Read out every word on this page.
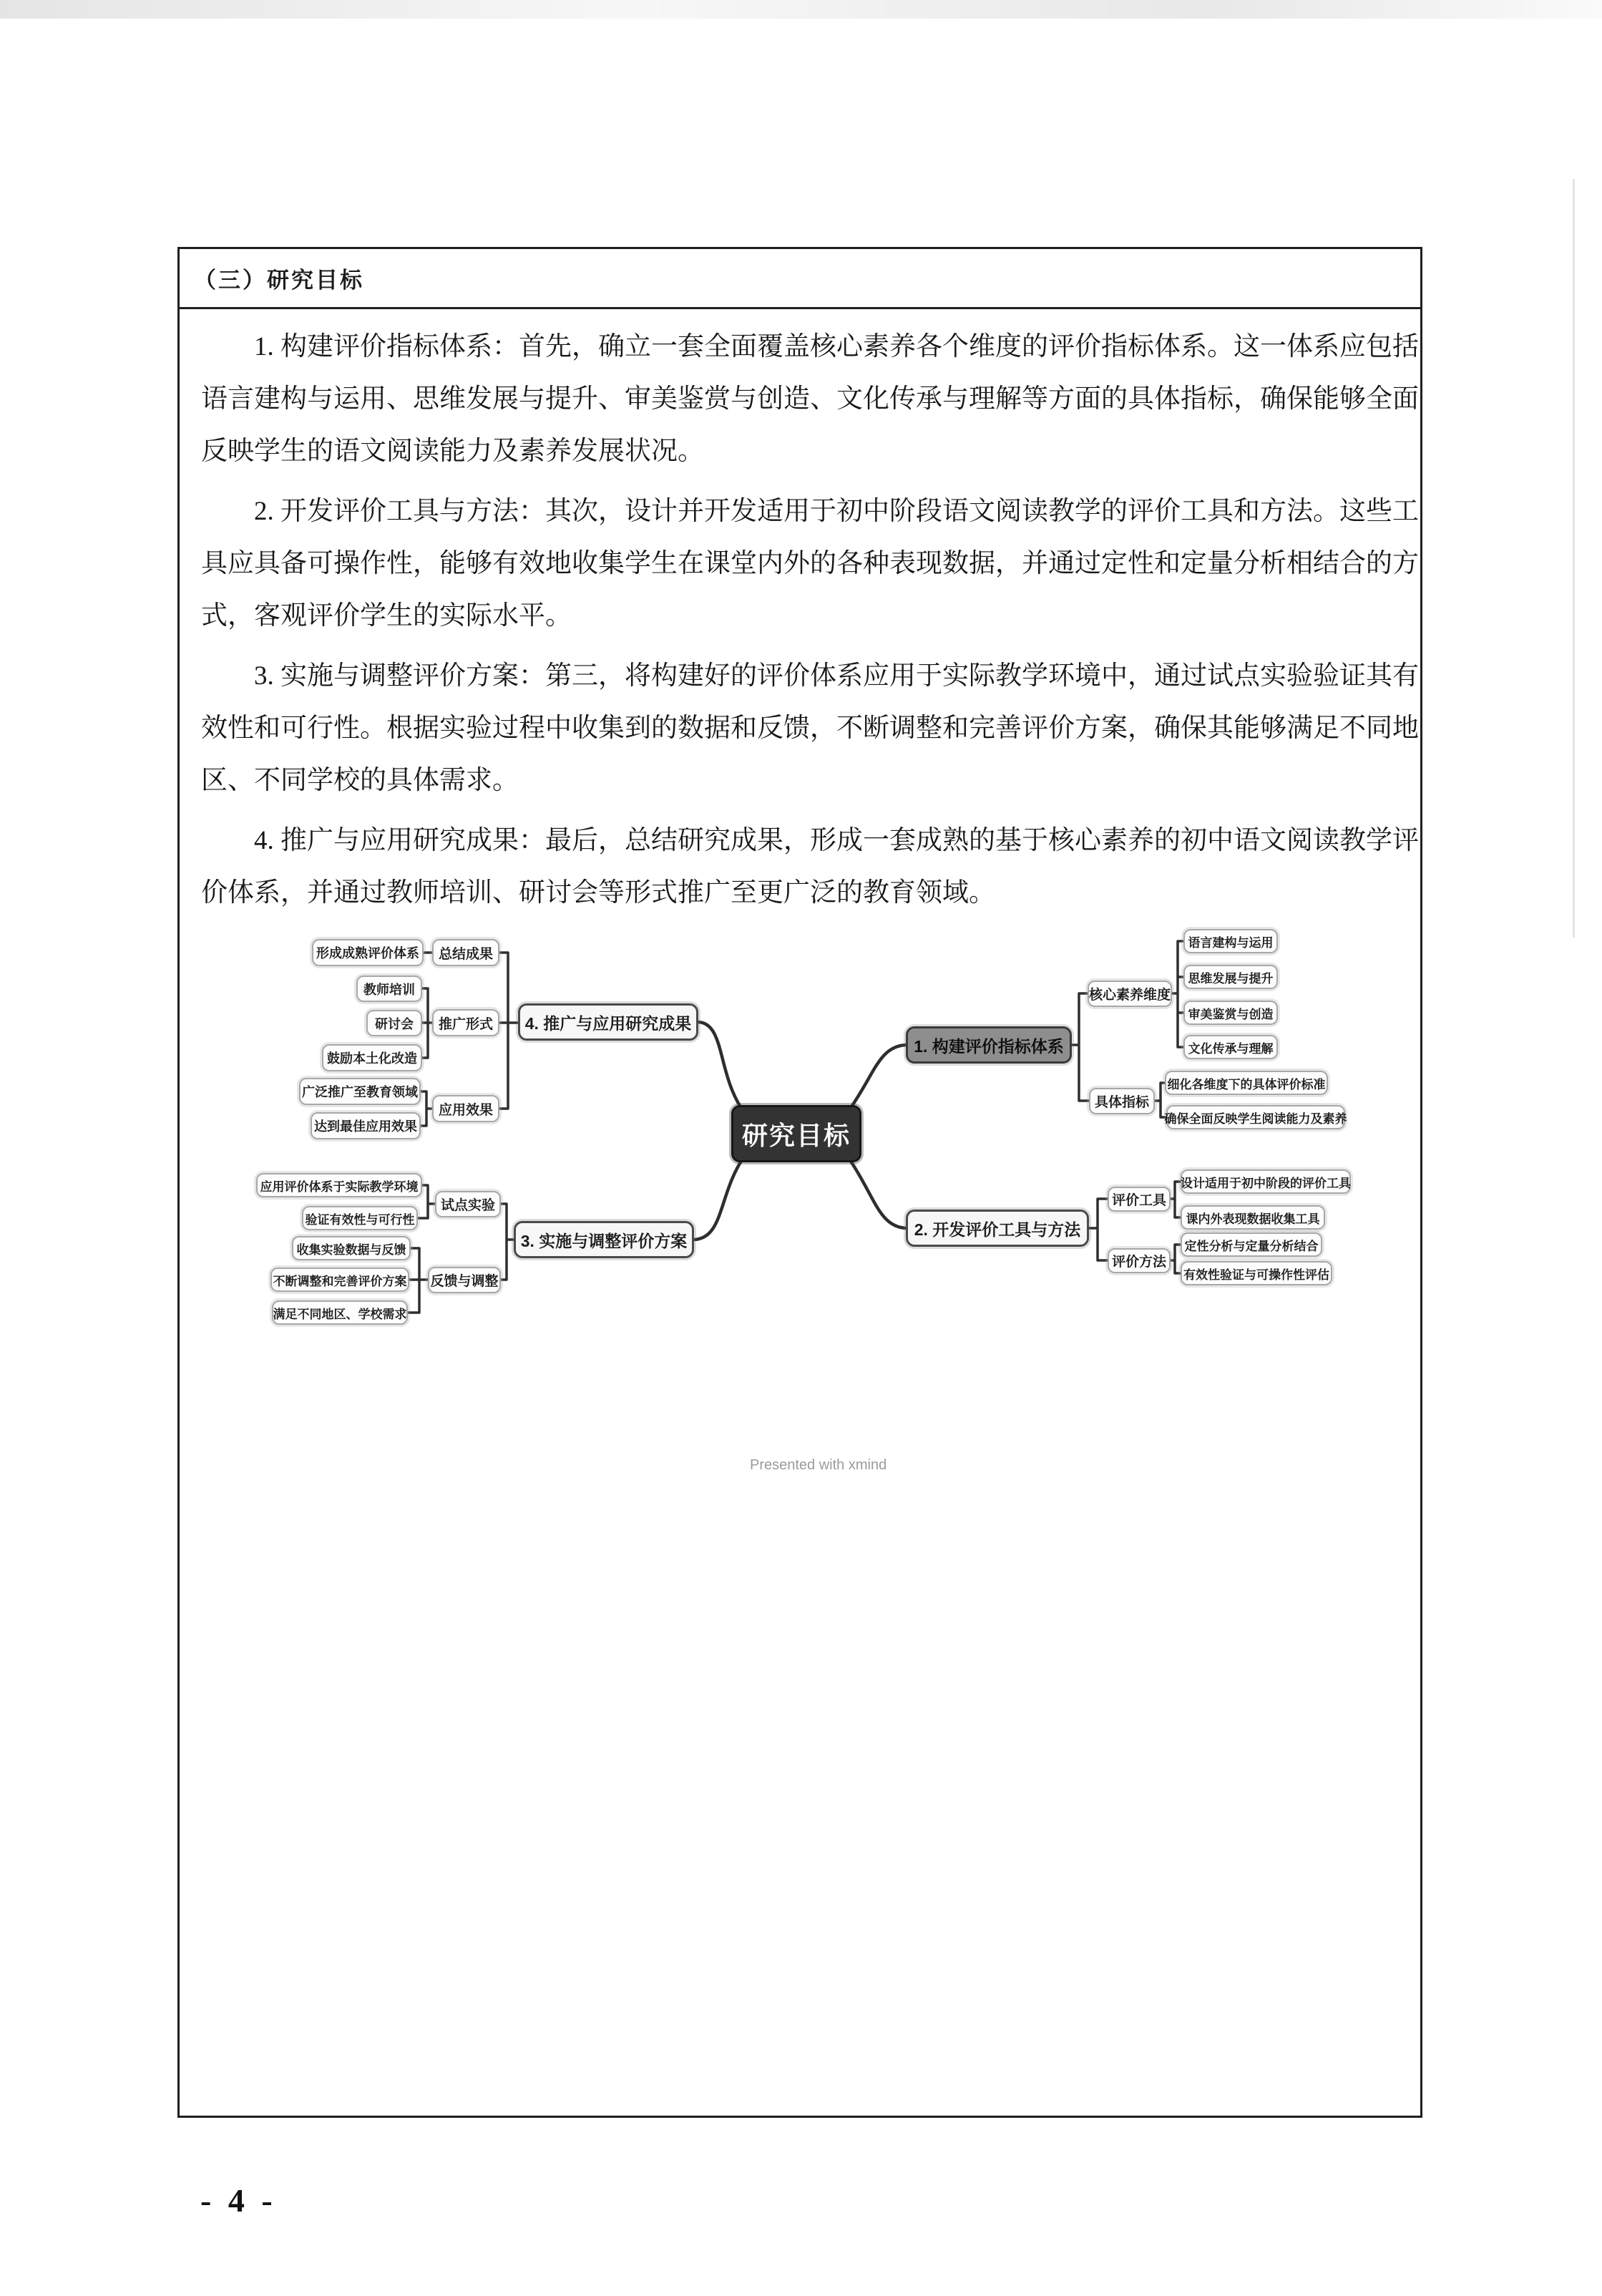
（三）研究目标

1. 构建评价指标体系：首先，确立一套全面覆盖核心素养各个维度的评价指标体系。这一体系应包括语言建构与运用、思维发展与提升、审美鉴赏与创造、文化传承与理解等方面的具体指标，确保能够全面反映学生的语文阅读能力及素养发展状况。

2. 开发评价工具与方法：其次，设计并开发适用于初中阶段语文阅读教学的评价工具和方法。这些工具应具备可操作性，能够有效地收集学生在课堂内外的各种表现数据，并通过定性和定量分析相结合的方式，客观评价学生的实际水平。

3. 实施与调整评价方案：第三，将构建好的评价体系应用于实际教学环境中，通过试点实验验证其有效性和可行性。根据实验过程中收集到的数据和反馈，不断调整和完善评价方案，确保其能够满足不同地区、不同学校的具体需求。

4. 推广与应用研究成果：最后，总结研究成果，形成一套成熟的基于核心素养的初中语文阅读教学评价体系，并通过教师培训、研讨会等形式推广至更广泛的教育领域。

研究目标
1. 构建评价指标体系
核心素养维度
语言建构与运用
思维发展与提升
审美鉴赏与创造
文化传承与理解
具体指标
细化各维度下的具体评价标准
确保全面反映学生阅读能力及素养
2. 开发评价工具与方法
评价工具
设计适用于初中阶段的评价工具
课内外表现数据收集工具
评价方法
定性分析与定量分析结合
有效性验证与可操作性评估
3. 实施与调整评价方案
试点实验
应用评价体系于实际教学环境
验证有效性与可行性
反馈与调整
收集实验数据与反馈
不断调整和完善评价方案
满足不同地区、学校需求
4. 推广与应用研究成果
总结成果
形成成熟评价体系
推广形式
教师培训
研讨会
鼓励本土化改造
应用效果
广泛推广至教育领域
达到最佳应用效果
Presented with xmind
- 4 -
